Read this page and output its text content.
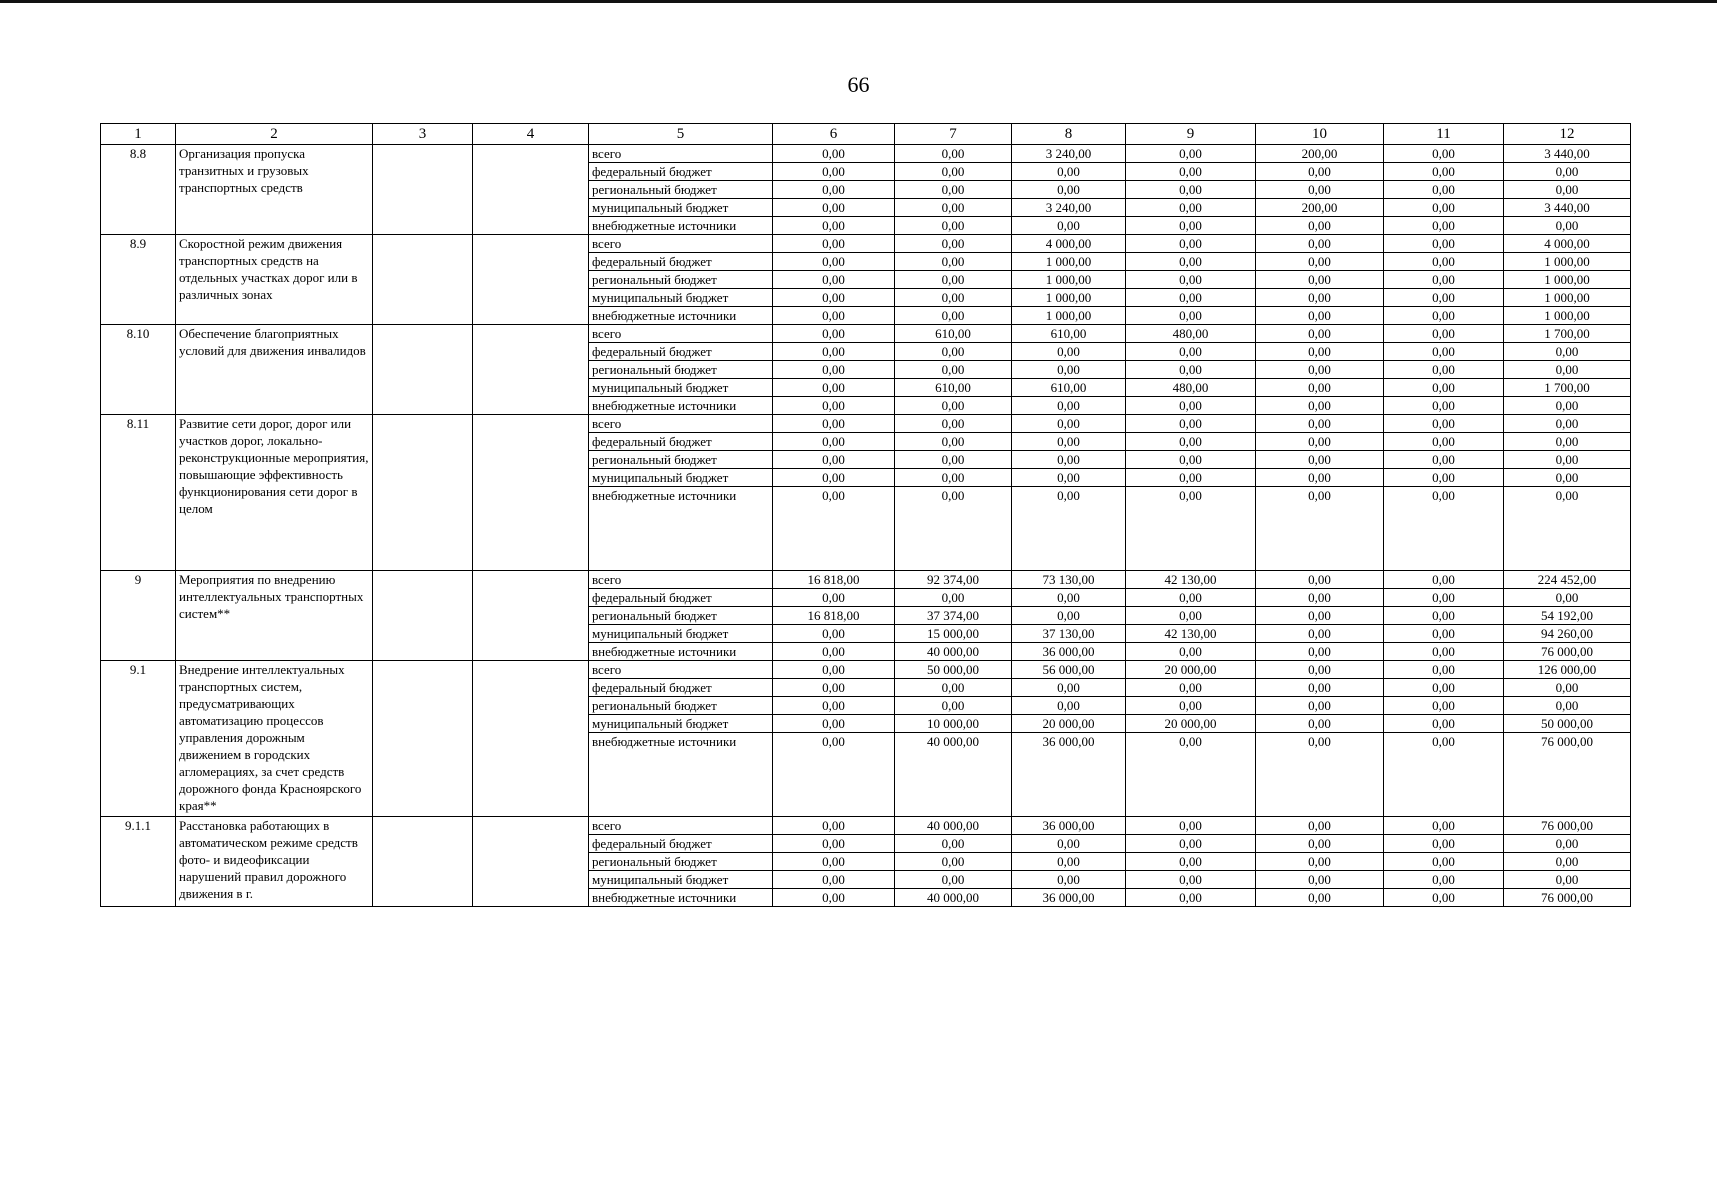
66
1	2	3	4	5	6	7	8	9	10	11	12
8.8	Организация пропуска транзитных и грузовых транспортных средств			всего	0,00	0,00	3 240,00	0,00	200,00	0,00	3 440,00
				федеральный бюджет	0,00	0,00	0,00	0,00	0,00	0,00	0,00
				региональный бюджет	0,00	0,00	0,00	0,00	0,00	0,00	0,00
				муниципальный бюджет	0,00	0,00	3 240,00	0,00	200,00	0,00	3 440,00
				внебюджетные источники	0,00	0,00	0,00	0,00	0,00	0,00	0,00
8.9	Скоростной режим движения транспортных средств на отдельных участках дорог или в различных зонах			всего	0,00	0,00	4 000,00	0,00	0,00	0,00	4 000,00
				федеральный бюджет	0,00	0,00	1 000,00	0,00	0,00	0,00	1 000,00
				региональный бюджет	0,00	0,00	1 000,00	0,00	0,00	0,00	1 000,00
				муниципальный бюджет	0,00	0,00	1 000,00	0,00	0,00	0,00	1 000,00
				внебюджетные источники	0,00	0,00	1 000,00	0,00	0,00	0,00	1 000,00
8.10	Обеспечение благоприятных условий для движения инвалидов			всего	0,00	610,00	610,00	480,00	0,00	0,00	1 700,00
				федеральный бюджет	0,00	0,00	0,00	0,00	0,00	0,00	0,00
				региональный бюджет	0,00	0,00	0,00	0,00	0,00	0,00	0,00
				муниципальный бюджет	0,00	610,00	610,00	480,00	0,00	0,00	1 700,00
				внебюджетные источники	0,00	0,00	0,00	0,00	0,00	0,00	0,00
8.11	Развитие сети дорог, дорог или участков дорог, локально-реконструкционные мероприятия, повышающие эффективность функционирования сети дорог в целом			всего	0,00	0,00	0,00	0,00	0,00	0,00	0,00
				федеральный бюджет	0,00	0,00	0,00	0,00	0,00	0,00	0,00
				региональный бюджет	0,00	0,00	0,00	0,00	0,00	0,00	0,00
				муниципальный бюджет	0,00	0,00	0,00	0,00	0,00	0,00	0,00
				внебюджетные источники	0,00	0,00	0,00	0,00	0,00	0,00	0,00
9	Мероприятия по внедрению интеллектуальных транспортных систем**			всего	16 818,00	92 374,00	73 130,00	42 130,00	0,00	0,00	224 452,00
				федеральный бюджет	0,00	0,00	0,00	0,00	0,00	0,00	0,00
				региональный бюджет	16 818,00	37 374,00	0,00	0,00	0,00	0,00	54 192,00
				муниципальный бюджет	0,00	15 000,00	37 130,00	42 130,00	0,00	0,00	94 260,00
				внебюджетные источники	0,00	40 000,00	36 000,00	0,00	0,00	0,00	76 000,00
9.1	Внедрение интеллектуальных транспортных систем, предусматривающих автоматизацию процессов управления дорожным движением в городских агломерациях, за счет средств дорожного фонда Красноярского края**			всего	0,00	50 000,00	56 000,00	20 000,00	0,00	0,00	126 000,00
				федеральный бюджет	0,00	0,00	0,00	0,00	0,00	0,00	0,00
				региональный бюджет	0,00	0,00	0,00	0,00	0,00	0,00	0,00
				муниципальный бюджет	0,00	10 000,00	20 000,00	20 000,00	0,00	0,00	50 000,00
				внебюджетные источники	0,00	40 000,00	36 000,00	0,00	0,00	0,00	76 000,00
9.1.1	Расстановка работающих в автоматическом режиме средств фото- и видеофиксации нарушений правил дорожного движения в г.			всего	0,00	40 000,00	36 000,00	0,00	0,00	0,00	76 000,00
				федеральный бюджет	0,00	0,00	0,00	0,00	0,00	0,00	0,00
				региональный бюджет	0,00	0,00	0,00	0,00	0,00	0,00	0,00
				муниципальный бюджет	0,00	0,00	0,00	0,00	0,00	0,00	0,00
				внебюджетные источники	0,00	40 000,00	36 000,00	0,00	0,00	0,00	76 000,00
